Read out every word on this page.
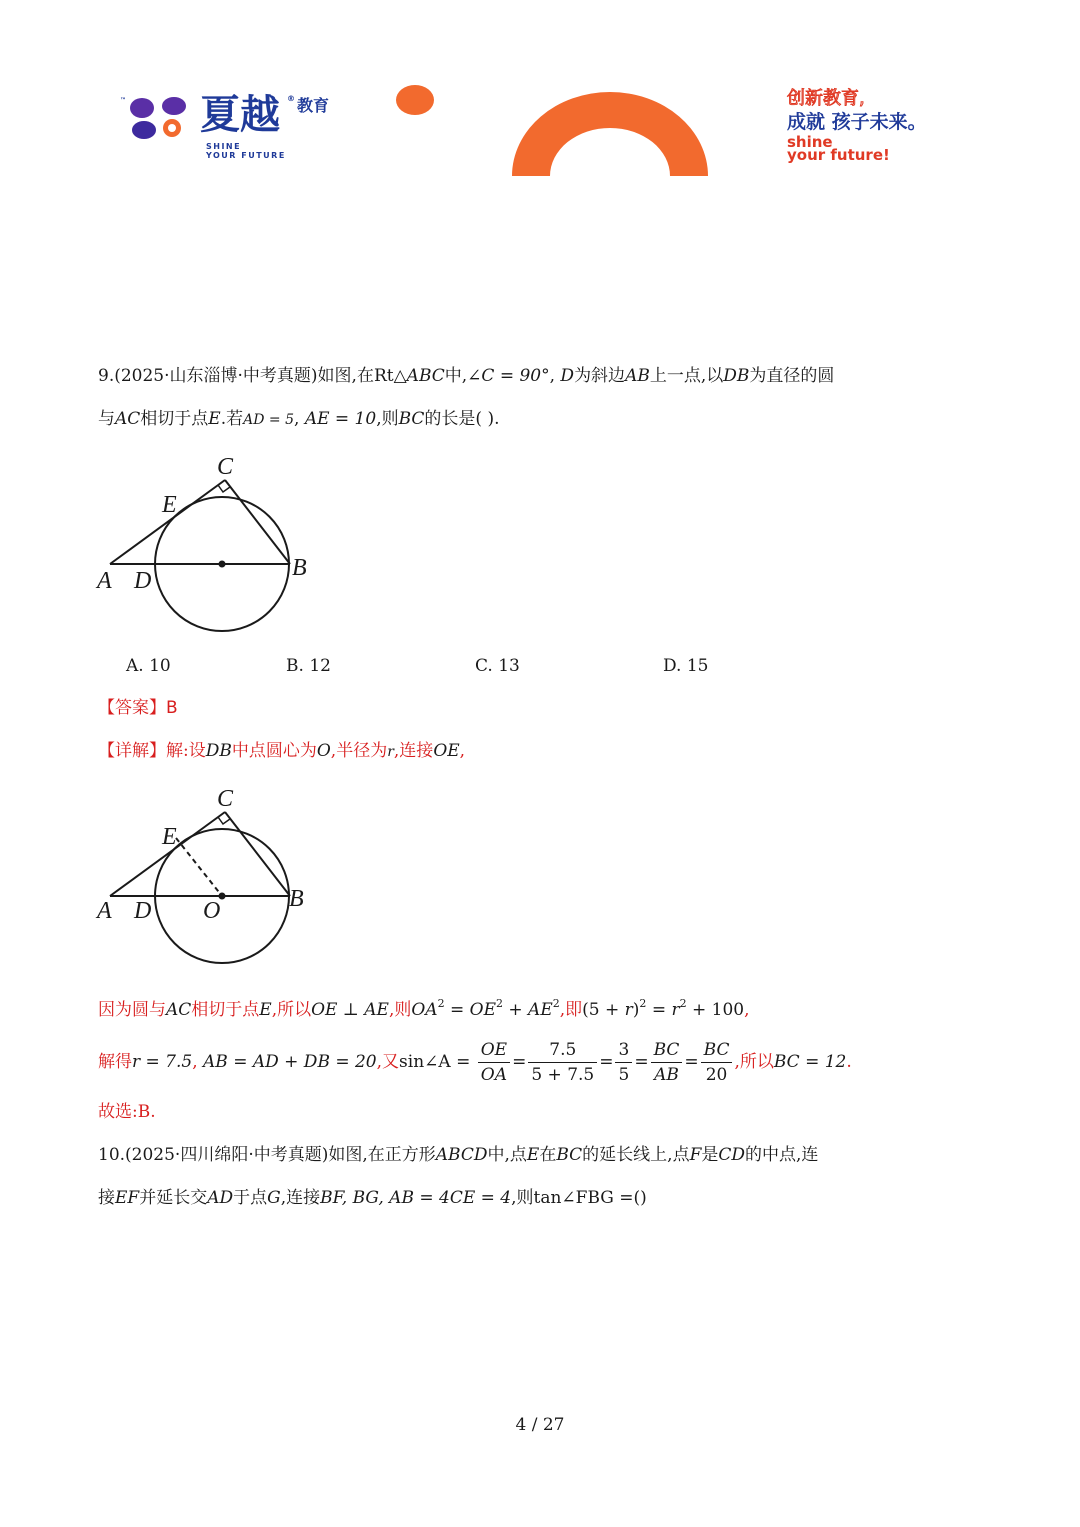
™ 夏越 ® 教育
SHINE
YOUR FUTURE
创新教育,
成就 孩子未来。
shine
your future!
9.(2025·山东淄博·中考真题)如图,在Rt△ABC中,∠C = 90°, D为斜边AB上一点,以DB为直径的圆
与AC相切于点E.若AD = 5, AE = 10,则BC的长是( ).
C
E
A D	B
A. 10	B. 12	C. 13	D. 15
【答案】B
【详解】解:设DB中点圆心为O,半径为r,连接OE,
C
E
A D O	B
因为圆与AC相切于点E,所以OE ⊥ AE,则$OA^2 = OE^2 + AE^2$,即$(5 + r)^2 = r^2 + 100$,
解得r = 7.5, AB = AD + DB = 20,又sin∠A = $\frac{OE}{OA} = \frac{7.5}{5 + 7.5} = \frac{3}{5} = \frac{BC}{AB} = \frac{BC}{20}$ ,所以BC = 12.
故选:B.
10.(2025·四川绵阳·中考真题)如图,在正方形ABCD中,点E在BC的延长线上,点F是CD的中点,连
接EF并延长交AD于点G,连接BF, BG, AB = 4CE = 4,则tan∠FBG =()
4 / 27
